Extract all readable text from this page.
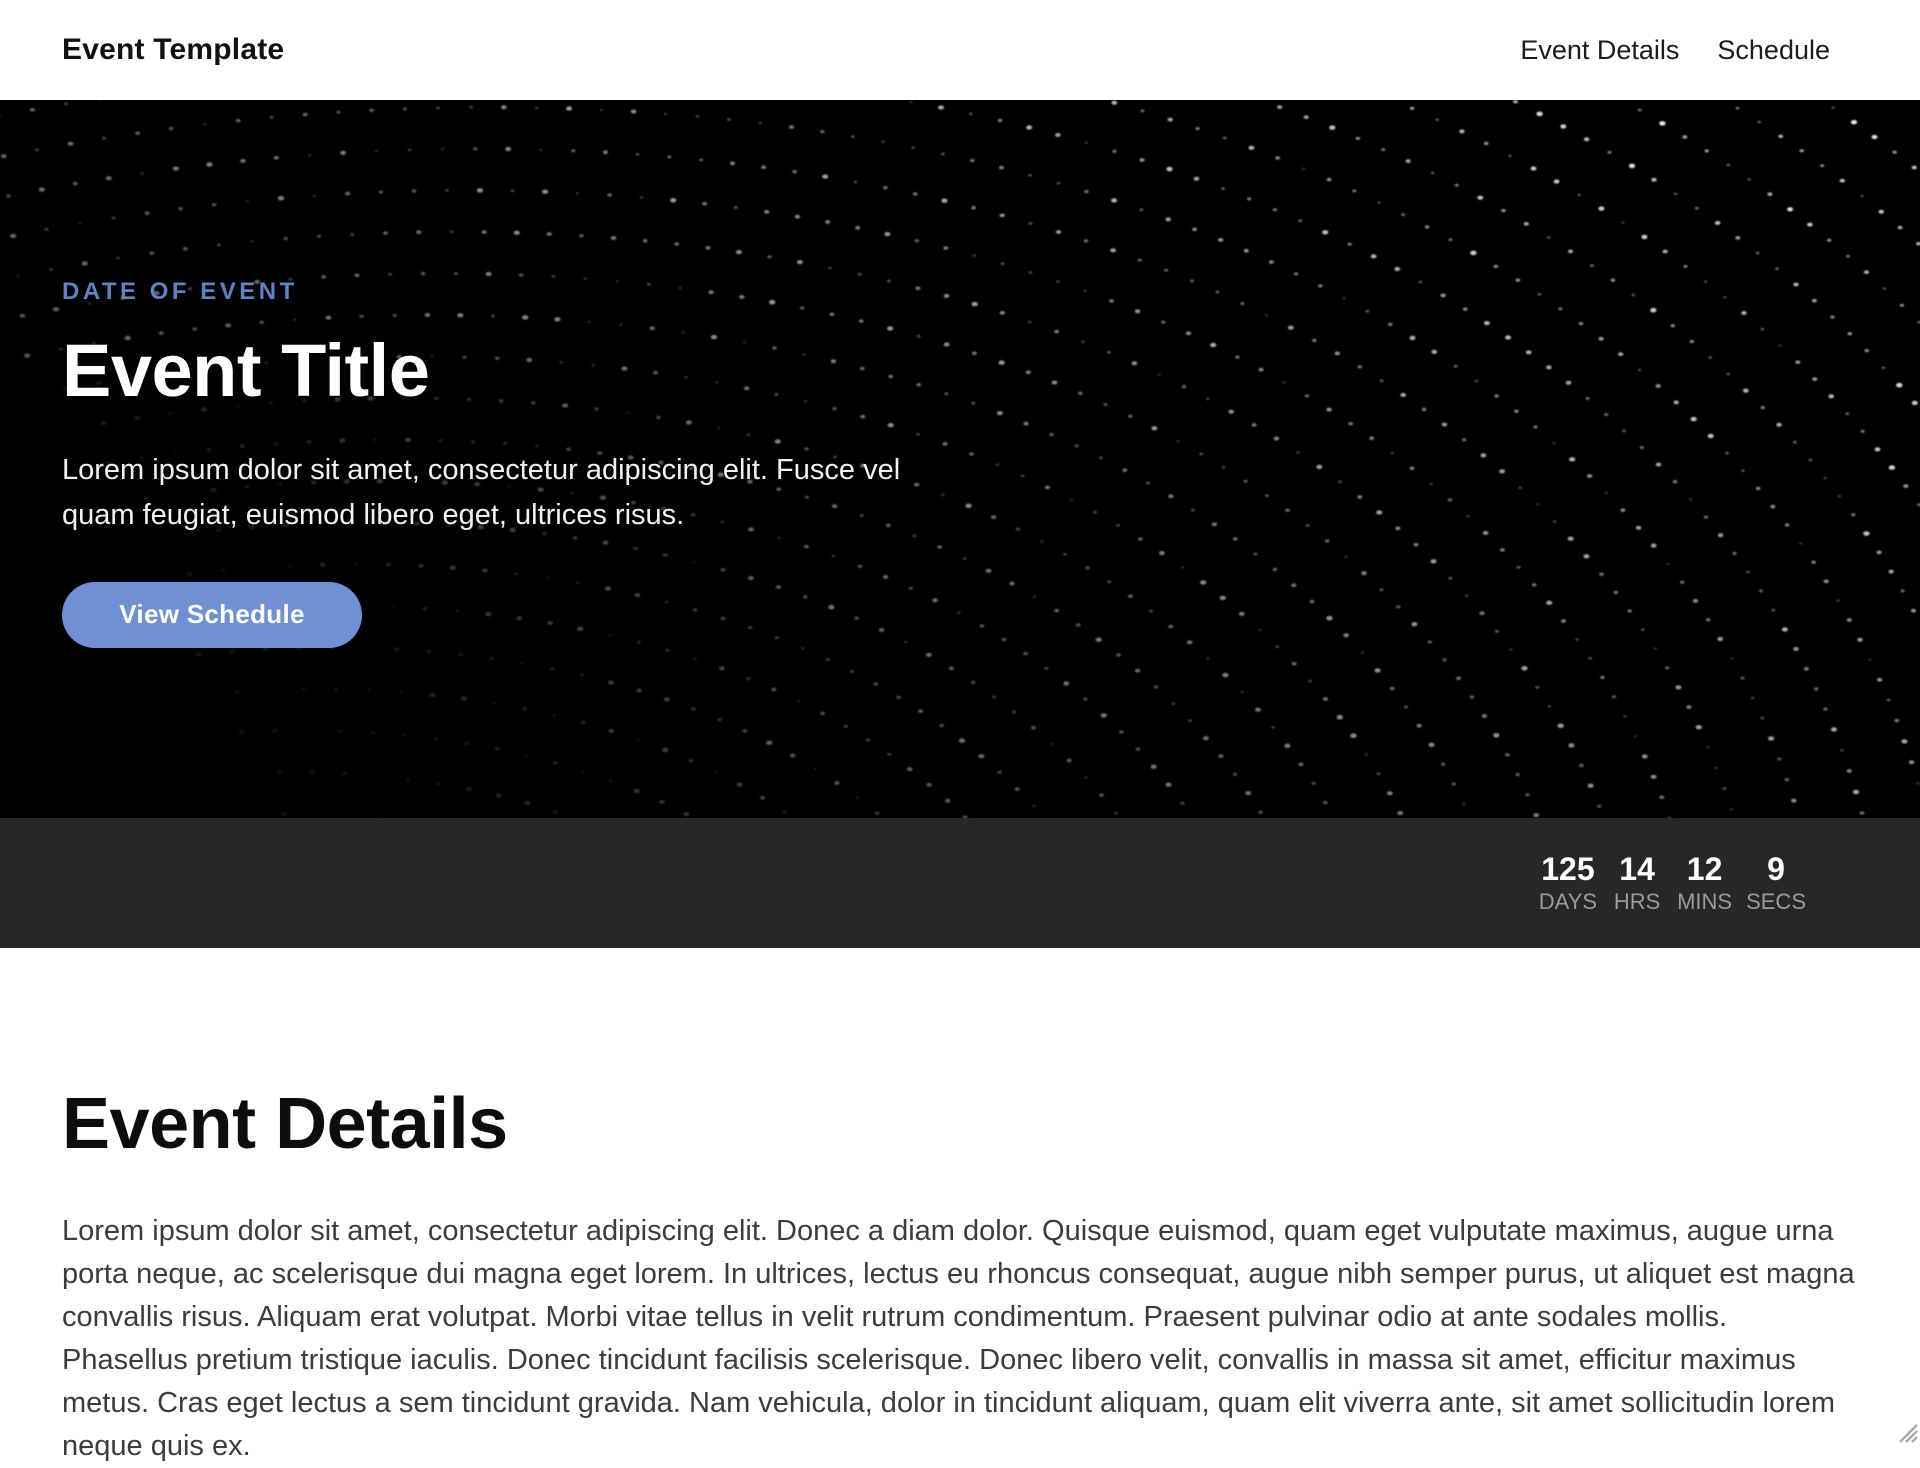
Event Template	Event Details Schedule
DATE OF EVENT
Event Title

Lorem ipsum dolor sit amet, consectetur adipiscing elit. Fusce vel quam feugiat, euismod libero eget, ultrices risus.

View Schedule
125
DAYS
14
HRS
12
MINS
9
SECS
Event Details

Lorem ipsum dolor sit amet, consectetur adipiscing elit. Donec a diam dolor. Quisque euismod, quam eget vulputate maximus, augue urna porta neque, ac scelerisque dui magna eget lorem. In ultrices, lectus eu rhoncus consequat, augue nibh semper purus, ut aliquet est magna convallis risus. Aliquam erat volutpat. Morbi vitae tellus in velit rutrum condimentum. Praesent pulvinar odio at ante sodales mollis. Phasellus pretium tristique iaculis. Donec tincidunt facilisis scelerisque. Donec libero velit, convallis in massa sit amet, efficitur maximus metus. Cras eget lectus a sem tincidunt gravida. Nam vehicula, dolor in tincidunt aliquam, quam elit viverra ante, sit amet sollicitudin lorem neque quis ex.
